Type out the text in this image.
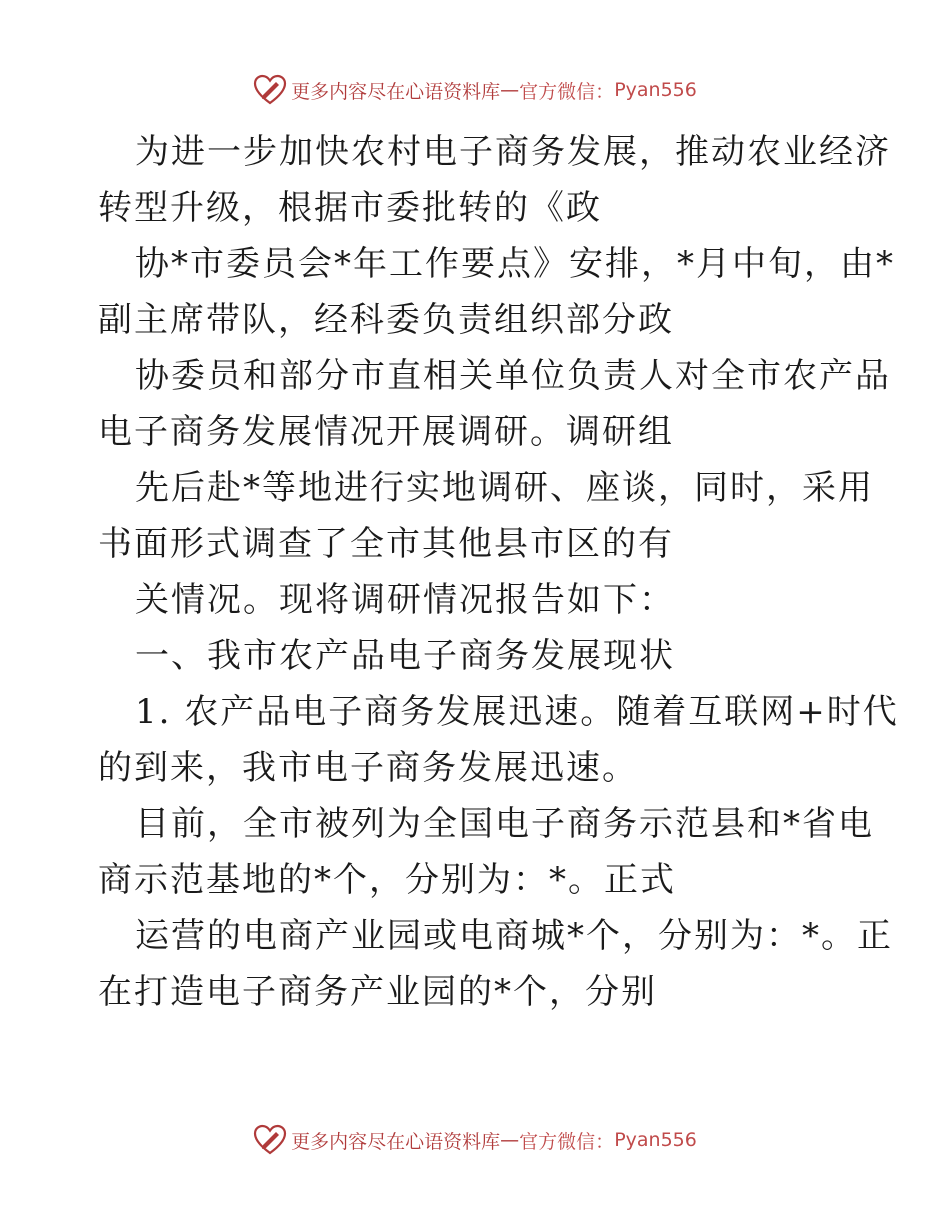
更多内容尽在心语资料库 — 官方微信： Pyan556
为进一步加快农村电子商务发展，推动农业经济
转型升级，根据市委批转的《政
协*市委员会*年工作要点》安排，*月中旬，由*
副主席带队，经科委负责组织部分政
协委员和部分市直相关单位负责人对全市农产品
电子商务发展情况开展调研。调研组
先后赴*等地进行实地调研、座谈，同时，采用
书面形式调查了全市其他县市区的有
关情况。现将调研情况报告如下：
一、我市农产品电子商务发展现状
1. 农产品电子商务发展迅速。随着互联网+时代
的到来，我市电子商务发展迅速。
目前，全市被列为全国电子商务示范县和*省电
商示范基地的*个，分别为：*。正式
运营的电商产业园或电商城*个，分别为：*。正
在打造电子商务产业园的*个，分别
更多内容尽在心语资料库 — 官方微信： Pyan556
